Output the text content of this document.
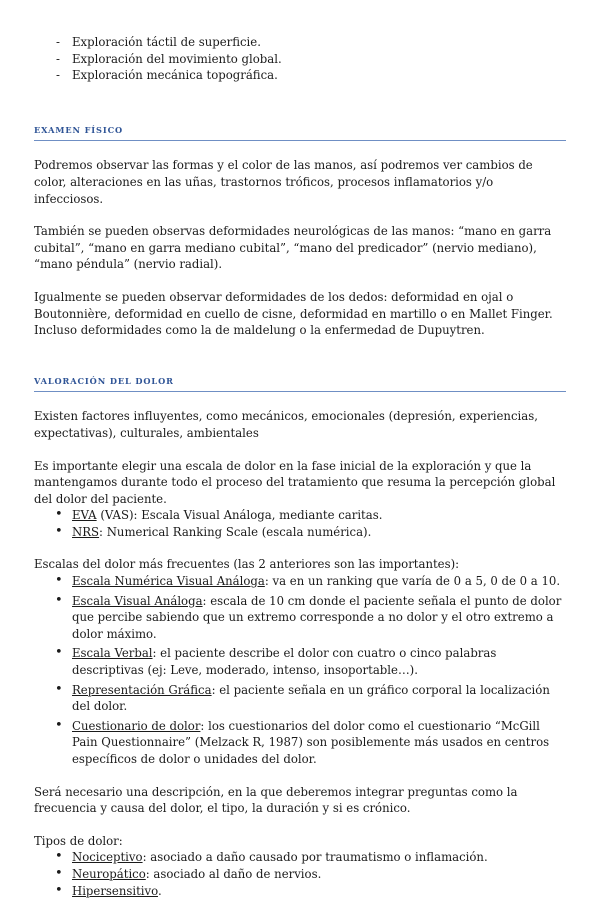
- Exploración táctil de superficie.
- Exploración del movimiento global.
- Exploración mecánica topográfica.
EXAMEN FÍSICO

Podremos observar las formas y el color de las manos, así podremos ver cambios de color, alteraciones en las uñas, trastornos tróficos, procesos inflamatorios y/o infecciosos.

También se pueden observas deformidades neurológicas de las manos: “mano en garra cubital”, “mano en garra mediano cubital”, “mano del predicador” (nervio mediano), “mano péndula” (nervio radial).

Igualmente se pueden observar deformidades de los dedos: deformidad en ojal o Boutonnière, deformidad en cuello de cisne, deformidad en martillo o en Mallet Finger. Incluso deformidades como la de maldelung o la enfermedad de Dupuytren.

VALORACIÓN DEL DOLOR

Existen factores influyentes, como mecánicos, emocionales (depresión, experiencias, expectativas), culturales, ambientales

Es importante elegir una escala de dolor en la fase inicial de la exploración y que la mantengamos durante todo el proceso del tratamiento que resuma la percepción global del dolor del paciente.

• EVA (VAS): Escala Visual Análoga, mediante caritas.
• NRS: Numerical Ranking Scale (escala numérica).

Escalas del dolor más frecuentes (las 2 anteriores son las importantes):

• Escala Numérica Visual Análoga: va en un ranking que varía de 0 a 5, 0 de 0 a 10.
• Escala Visual Análoga: escala de 10 cm donde el paciente señala el punto de dolor que percibe sabiendo que un extremo corresponde a no dolor y el otro extremo a dolor máximo.
• Escala Verbal: el paciente describe el dolor con cuatro o cinco palabras descriptivas (ej: Leve, moderado, intenso, insoportable…).
• Representación Gráfica: el paciente señala en un gráfico corporal la localización del dolor.
• Cuestionario de dolor: los cuestionarios del dolor como el cuestionario “McGill Pain Questionnaire” (Melzack R, 1987) son posiblemente más usados en centros específicos de dolor o unidades del dolor.

Será necesario una descripción, en la que deberemos integrar preguntas como la frecuencia y causa del dolor, el tipo, la duración y si es crónico.

Tipos de dolor:

• Nociceptivo: asociado a daño causado por traumatismo o inflamación.
• Neuropático: asociado al daño de nervios.
• Hipersensitivo.
